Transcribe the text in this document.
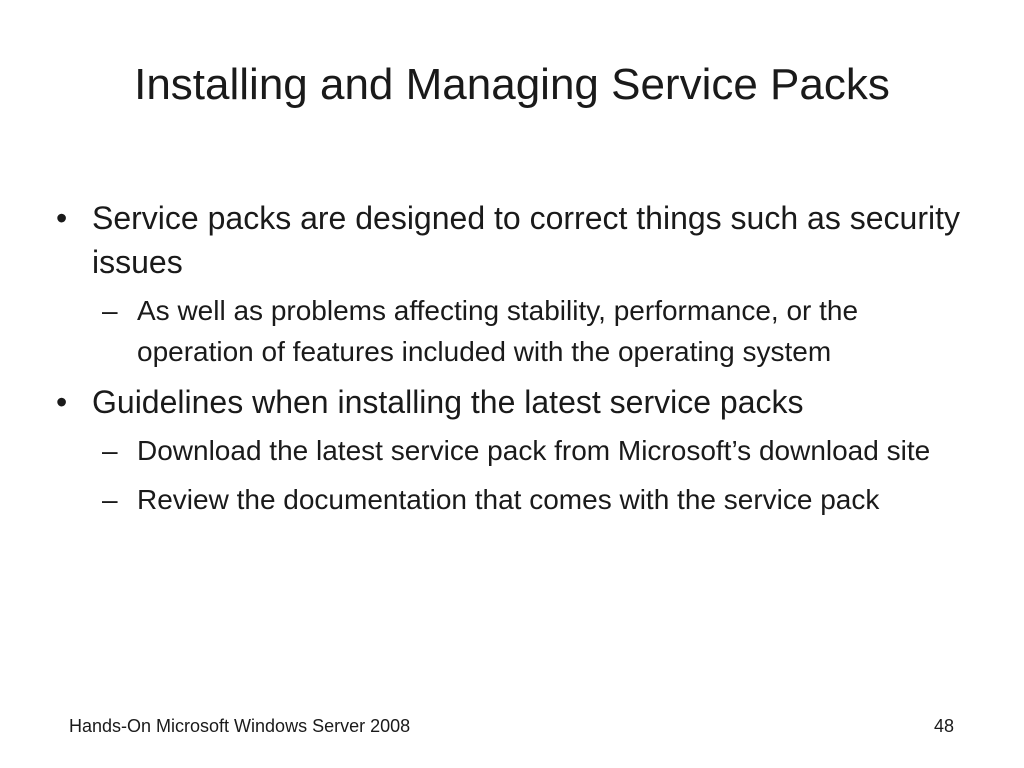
Installing and Managing Service Packs
• Service packs are designed to correct things such as security issues
– As well as problems affecting stability, performance, or the operation of features included with the operating system
• Guidelines when installing the latest service packs
– Download the latest service pack from Microsoft’s download site
– Review the documentation that comes with the service pack
Hands-On Microsoft Windows Server 2008	48
